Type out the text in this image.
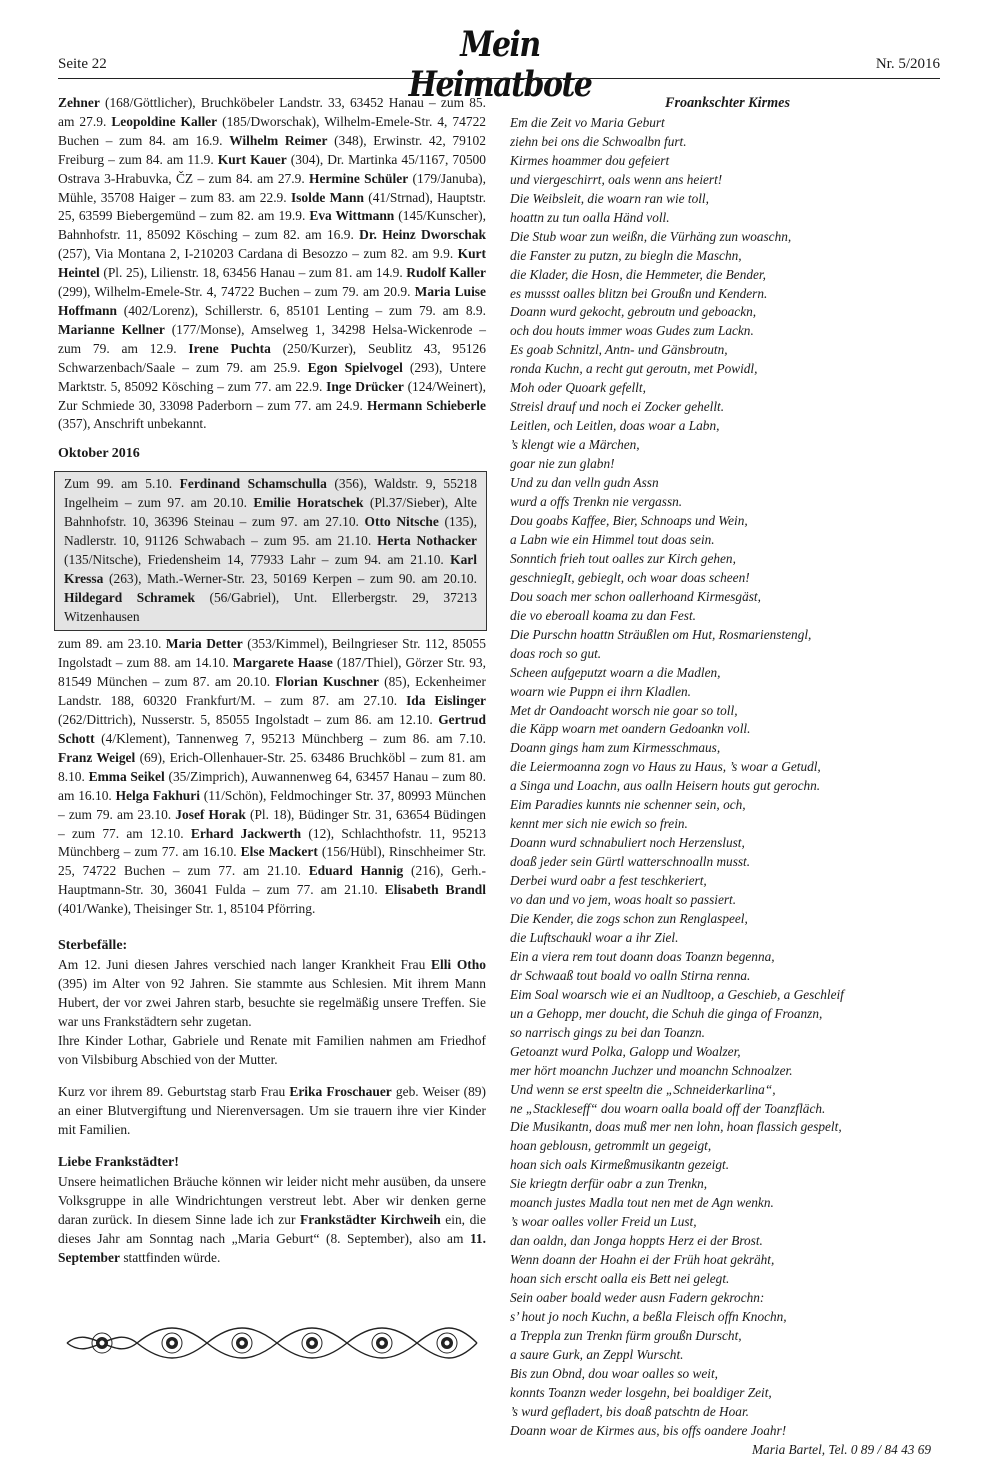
Seite 22	Mein Heimatbote
Nr. 5/2016

Zehner (168/Göttlicher), Bruchköbeler Landstr. 33, 63452 Hanau – zum 85. am 27.9. Leopoldine Kaller (185/Dworschak), Wilhelm-Emele-Str. 4, 74722 Buchen – zum 84. am 16.9. Wilhelm Reimer (348), Erwinstr. 42, 79102 Freiburg – zum 84. am 11.9. Kurt Kauer (304), Dr. Martinka 45/1167, 70500 Ostrava 3-Hrabuvka, ČZ – zum 84. am 27.9. Hermine Schüler (179/Januba), Mühle, 35708 Haiger – zum 83. am 22.9. Isolde Mann (41/Strnad), Hauptstr. 25, 63599 Biebergemünd – zum 82. am 19.9. Eva Wittmann (145/Kunscher), Bahnhofstr. 11, 85092 Kösching – zum 82. am 16.9. Dr. Heinz Dworschak (257), Via Montana 2, I-210203 Cardana di Besozzo – zum 82. am 9.9. Kurt Heintel (Pl. 25), Lilienstr. 18, 63456 Hanau – zum 81. am 14.9. Rudolf Kaller (299), Wilhelm-Emele-Str. 4, 74722 Buchen – zum 79. am 20.9. Maria Luise Hoffmann (402/Lorenz), Schillerstr. 6, 85101 Lenting – zum 79. am 8.9. Marianne Kellner (177/Monse), Amselweg 1, 34298 Helsa-Wickenrode – zum 79. am 12.9. Irene Puchta (250/Kurzer), Seublitz 43, 95126 Schwarzenbach/Saale – zum 79. am 25.9. Egon Spielvogel (293), Untere Marktstr. 5, 85092 Kösching – zum 77. am 22.9. Inge Drücker (124/Weinert), Zur Schmiede 30, 33098 Paderborn – zum 77. am 24.9. Hermann Schieberle (357), Anschrift unbekannt.

Oktober 2016

Zum 99. am 5.10. Ferdinand Schamschulla (356), Waldstr. 9, 55218 Ingelheim – zum 97. am 20.10. Emilie Horatschek (Pl.37/Sieber), Alte Bahnhofstr. 10, 36396 Steinau – zum 97. am 27.10. Otto Nitsche (135), Nadlerstr. 10, 91126 Schwabach – zum 95. am 21.10. Herta Nothacker (135/Nitsche), Friedensheim 14, 77933 Lahr – zum 94. am 21.10. Karl Kressa (263), Math.-Werner-Str. 23, 50169 Kerpen – zum 90. am 20.10. Hildegard Schramek (56/Gabriel), Unt. Ellerbergstr. 29, 37213 Witzenhausen

zum 89. am 23.10. Maria Detter (353/Kimmel), Beilngrieser Str. 112, 85055 Ingolstadt – zum 88. am 14.10. Margarete Haase (187/Thiel), Görzer Str. 93, 81549 München – zum 87. am 20.10. Florian Kuschner (85), Eckenheimer Landstr. 188, 60320 Frankfurt/M. – zum 87. am 27.10. Ida Eislinger (262/Dittrich), Nusserstr. 5, 85055 Ingolstadt – zum 86. am 12.10. Gertrud Schott (4/Klement), Tannenweg 7, 95213 Münchberg – zum 86. am 7.10. Franz Weigel (69), Erich-Ollenhauer-Str. 25. 63486 Bruchköbl – zum 81. am 8.10. Emma Seikel (35/Zimprich), Auwannenweg 64, 63457 Hanau – zum 80. am 16.10. Helga Fakhuri (11/Schön), Feldmochinger Str. 37, 80993 München – zum 79. am 23.10. Josef Horak (Pl. 18), Büdinger Str. 31, 63654 Büdingen – zum 77. am 12.10. Erhard Jackwerth (12), Schlachthofstr. 11, 95213 Münchberg – zum 77. am 16.10. Else Mackert (156/Hübl), Rinschheimer Str. 25, 74722 Buchen – zum 77. am 21.10. Eduard Hannig (216), Gerh.-Hauptmann-Str. 30, 36041 Fulda – zum 77. am 21.10. Elisabeth Brandl (401/Wanke), Theisinger Str. 1, 85104 Pförring.

Sterbefälle:

Am 12. Juni diesen Jahres verschied nach langer Krankheit Frau Elli Otho (395) im Alter von 92 Jahren. Sie stammte aus Schlesien. Mit ihrem Mann Hubert, der vor zwei Jahren starb, besuchte sie regelmäßig unsere Treffen. Sie war uns Frankstädtern sehr zugetan.

Ihre Kinder Lothar, Gabriele und Renate mit Familien nahmen am Friedhof von Vilsbiburg Abschied von der Mutter.

Kurz vor ihrem 89. Geburtstag starb Frau Erika Froschauer geb. Weiser (89) an einer Blutvergiftung und Nierenversagen. Um sie trauern ihre vier Kinder mit Familien.

Liebe Frankstädter!

Unsere heimatlichen Bräuche können wir leider nicht mehr ausüben, da unsere Volksgruppe in alle Windrichtungen verstreut lebt. Aber wir denken gerne daran zurück. In diesem Sinne lade ich zur Frankstädter Kirchweih ein, die dieses Jahr am Sonntag nach „Maria Geburt“ (8. September), also am 11. September stattfinden würde.

Froankschter Kirmes
Em die Zeit vo Maria Geburt
ziehn bei ons die Schwoalbn furt.
Kirmes hoammer dou gefeiert
und viergeschirrt, oals wenn ans heiert!
Die Weibsleit, die woarn ran wie toll,
hoattn zu tun oalla Händ voll.
Die Stub woar zun weißn, die Vürhäng zun woaschn,
die Fanster zu putzn, zu biegln die Maschn,
die Klader, die Hosn, die Hemmeter, die Bender,
es mussst oalles blitzn bei Groußn und Kendern.
Doann wurd gekocht, gebroutn und geboackn,
och dou houts immer woas Gudes zum Lackn.
Es goab Schnitzl, Antn- und Gänsbroutn,
ronda Kuchn, a recht gut geroutn, met Powidl,
Moh oder Quoark gefellt,
Streisl drauf und noch ei Zocker gehellt.
Leitlen, och Leitlen, doas woar a Labn,
’s klengt wie a Märchen,
goar nie zun glabn!
Und zu dan velln gudn Assn
wurd a offs Trenkn nie vergassn.
Dou goabs Kaffee, Bier, Schnoaps und Wein,
a Labn wie ein Himmel tout doas sein.
Sonntich frieh tout oalles zur Kirch gehen,
geschniegIt, gebieglt, och woar doas scheen!
Dou soach mer schon oallerhoand Kirmesgäst,
die vo eberoall koama zu dan Fest.
Die Purschn hoattn Sträußlen om Hut, Rosmarienstengl,
doas roch so gut.
Scheen aufgeputzt woarn a die Madlen,
woarn wie Puppn ei ihrn Kladlen.
Met dr Oandoacht worsch nie goar so toll,
die Käpp woarn met oandern Gedoankn voll.
Doann gings ham zum Kirmesschmaus,
die Leiermoanna zogn vo Haus zu Haus, ’s woar a Getudl,
a Singa und Loachn, aus oalln Heisern houts gut gerochn.
Eim Paradies kunnts nie schenner sein, och,
kennt mer sich nie ewich so frein.
Doann wurd schnabuliert noch Herzenslust,
doaß jeder sein Gürtl watterschnoalln musst.
Derbei wurd oabr a fest teschkeriert,
vo dan und vo jem, woas hoalt so passiert.
Die Kender, die zogs schon zun Renglaspeel,
die Luftschaukl woar a ihr Ziel.
Ein a viera rem tout doann doas Toanzn begenna,
dr Schwaaß tout boald vo oalln Stirna renna.
Eim Soal woarsch wie ei an Nudltoop, a Geschieb, a Geschleif
un a Gehopp, mer doucht, die Schuh die ginga of Froanzn,
so narrisch gings zu bei dan Toanzn.
Getoanzt wurd Polka, Galopp und Woalzer,
mer hört moanchn Juchzer und moanchn Schnoalzer.
Und wenn se erst speeltn die „Schneiderkarlina“,
ne „Stackleseff“ dou woarn oalla boald off der Toanzfläch.
Die Musikantn, doas muß mer nen lohn, hoan flassich gespelt,
hoan geblousn, getrommlt un gegeigt,
hoan sich oals Kirmeßmusikantn gezeigt.
Sie kriegtn derfür oabr a zun Trenkn,
moanch justes Madla tout nen met de Agn wenkn.
’s woar oalles voller Freid un Lust,
dan oaldn, dan Jonga hoppts Herz ei der Brost.
Wenn doann der Hoahn ei der Früh hoat gekräht,
hoan sich erscht oalla eis Bett nei gelegt.
Sein oaber boald weder ausn Fadern gekrochn:
s’ hout jo noch Kuchn, a beßla Fleisch offn Knochn,
a Treppla zun Trenkn fürm groußn Durscht,
a saure Gurk, an Zeppl Wurscht.
Bis zun Obnd, dou woar oalles so weit,
konnts Toanzn weder losgehn, bei boaldiger Zeit,
’s wurd gefladert, bis doaß patschtn de Hoar.
Doann woar de Kirmes aus, bis offs oandere Joahr!
Maria Bartel, Tel. 0 89 / 84 43 69
